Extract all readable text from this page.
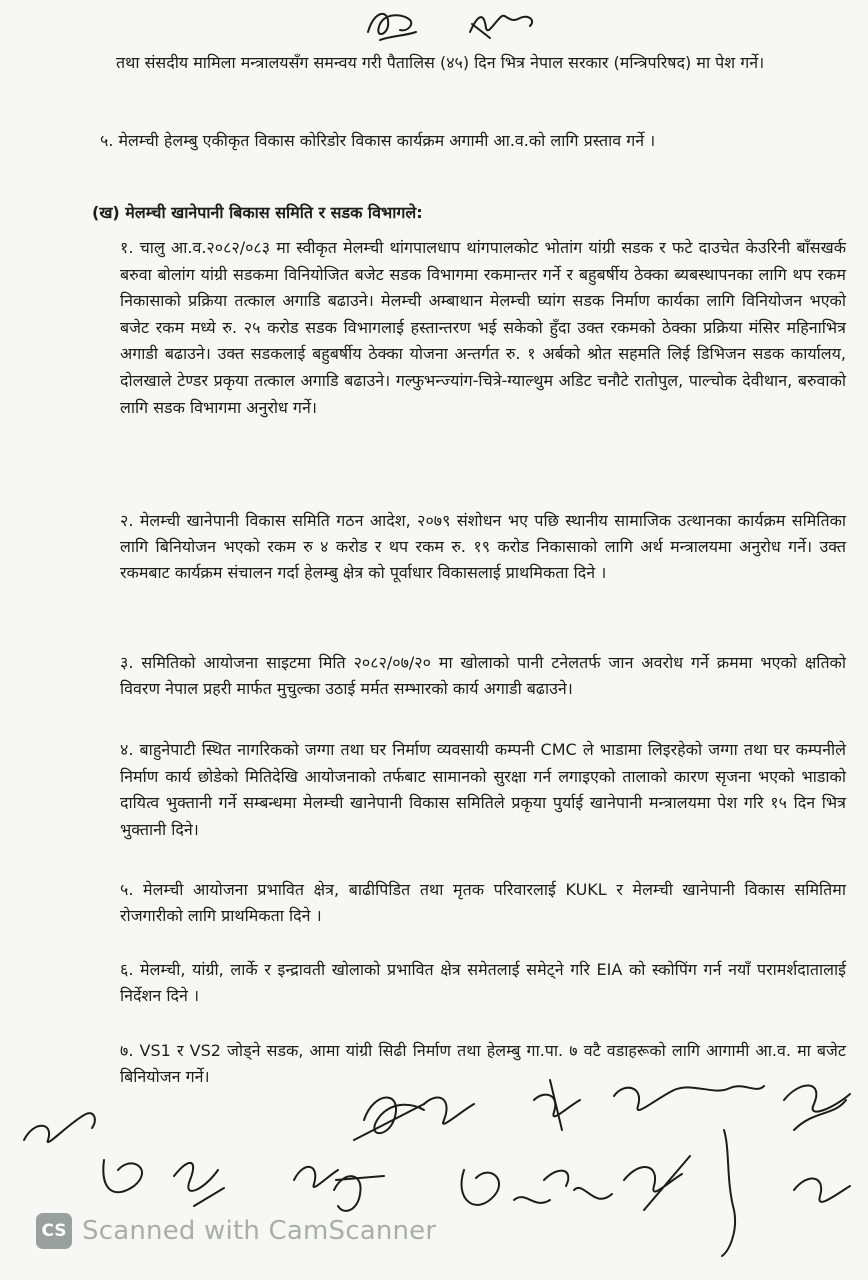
तथा संसदीय मामिला मन्त्रालयसँग समन्वय गरी पैतालिस (४५) दिन भित्र नेपाल सरकार (मन्त्रिपरिषद) मा पेश गर्ने।

५. मेलम्ची हेलम्बु एकीकृत विकास कोरिडोर विकास कार्यक्रम अगामी आ.व.को लागि प्रस्ताव गर्ने ।

(ख) मेलम्ची खानेपानी बिकास समिति र सडक विभागले:

१. चालु आ.व.२०८२/०८३ मा स्वीकृत मेलम्ची थांगपालधाप थांगपालकोट भोतांग यांग्री सडक र फटे दाउचेत केउरिनी बाँसखर्क बरुवा बोलांग यांग्री सडकमा विनियोजित बजेट सडक विभागमा रकमान्तर गर्ने र बहुबर्षीय ठेक्का ब्यबस्थापनका लागि थप रकम निकासाको प्रक्रिया तत्काल अगाडि बढाउने। मेलम्ची अम्बाथान मेलम्ची घ्यांग सडक निर्माण कार्यका लागि विनियोजन भएको बजेट रकम मध्ये रु. २५ करोड सडक विभागलाई हस्तान्तरण भई सकेको हुँदा उक्त रकमको ठेक्का प्रक्रिया मंसिर महिनाभित्र अगाडी बढाउने। उक्त सडकलाई बहुबर्षीय ठेक्का योजना अन्तर्गत रु. १ अर्बको श्रोत सहमति लिई डिभिजन सडक कार्यालय, दोलखाले टेण्डर प्रकृया तत्काल अगाडि बढाउने। गल्फुभन्ज्यांग-चित्रे-ग्याल्थुम अडिट चनौटे रातोपुल, पाल्चोक देवीथान, बरुवाको लागि सडक विभागमा अनुरोध गर्ने।

२. मेलम्ची खानेपानी विकास समिति गठन आदेश, २०७९ संशोधन भए पछि स्थानीय सामाजिक उत्थानका कार्यक्रम समितिका लागि बिनियोजन भएको रकम रु ४ करोड र थप रकम रु. १९ करोड निकासाको लागि अर्थ मन्त्रालयमा अनुरोध गर्ने। उक्त रकमबाट कार्यक्रम संचालन गर्दा हेलम्बु क्षेत्र को पूर्वाधार विकासलाई प्राथमिकता दिने ।

३. समितिको आयोजना साइटमा मिति २०८२/०७/२० मा खोलाको पानी टनेलतर्फ जान अवरोध गर्ने क्रममा भएको क्षतिको विवरण नेपाल प्रहरी मार्फत मुचुल्का उठाई मर्मत सम्भारको कार्य अगाडी बढाउने।

४. बाहुनेपाटी स्थित नागरिकको जग्गा तथा घर निर्माण व्यवसायी कम्पनी CMC ले भाडामा लिइरहेको जग्गा तथा घर कम्पनीले निर्माण कार्य छोडेको मितिदेखि आयोजनाको तर्फबाट सामानको सुरक्षा गर्न लगाइएको तालाको कारण सृजना भएको भाडाको दायित्व भुक्तानी गर्ने सम्बन्धमा मेलम्ची खानेपानी विकास समितिले प्रकृया पुर्याई खानेपानी मन्त्रालयमा पेश गरि १५ दिन भित्र भुक्तानी दिने।

५. मेलम्ची आयोजना प्रभावित क्षेत्र, बाढीपिडित तथा मृतक परिवारलाई KUKL र मेलम्ची खानेपानी विकास समितिमा रोजगारीको लागि प्राथमिकता दिने ।

६. मेलम्ची, यांग्री, लार्के र इन्द्रावती खोलाको प्रभावित क्षेत्र समेतलाई समेट्ने गरि EIA को स्कोपिंग गर्न नयाँ परामर्शदातालाई निर्देशन दिने ।

७. VS1 र VS2 जोड्ने सडक, आमा यांग्री सिढी निर्माण तथा हेलम्बु गा.पा. ७ वटै वडाहरूको लागि आगामी आ.व. मा बजेट बिनियोजन गर्ने।

CS Scanned with CamScanner
